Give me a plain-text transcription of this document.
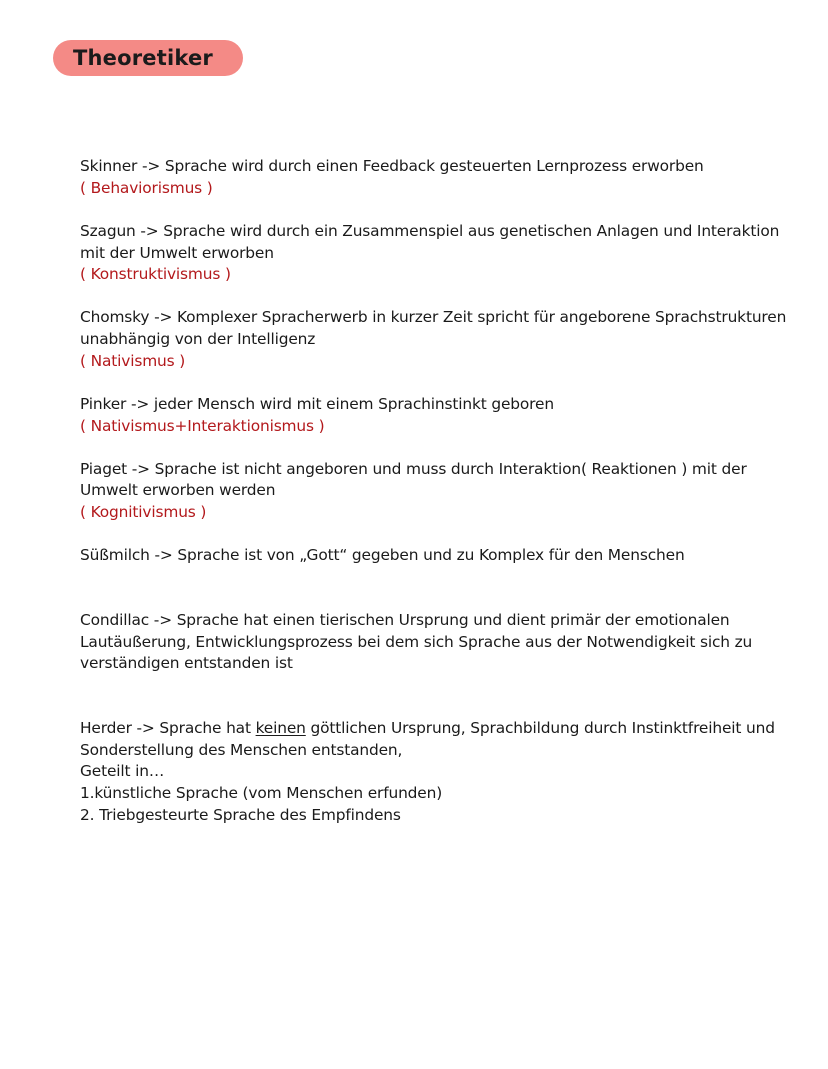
Theoretiker
Skinner -> Sprache wird durch einen Feedback gesteuerten Lernprozess erworben
( Behaviorismus )
Szagun -> Sprache wird durch ein Zusammenspiel aus genetischen Anlagen und Interaktion
mit der Umwelt erworben
( Konstruktivismus )
Chomsky -> Komplexer Spracherwerb in kurzer Zeit spricht für angeborene Sprachstrukturen
unabhängig von der Intelligenz
( Nativismus )
Pinker -> jeder Mensch wird mit einem Sprachinstinkt geboren
( Nativismus+Interaktionismus )
Piaget -> Sprache ist nicht angeboren und muss durch Interaktion( Reaktionen ) mit der
Umwelt erworben werden
( Kognitivismus )
Süßmilch -> Sprache ist von „Gott“ gegeben und zu Komplex für den Menschen
Condillac -> Sprache hat einen tierischen Ursprung und dient primär der emotionalen
Lautäußerung, Entwicklungsprozess bei dem sich Sprache aus der Notwendigkeit sich zu
verständigen entstanden ist
Herder -> Sprache hat keinen göttlichen Ursprung, Sprachbildung durch Instinktfreiheit und
Sonderstellung des Menschen entstanden,
Geteilt in…
1.künstliche Sprache (vom Menschen erfunden)
2. Triebgesteurte Sprache des Empfindens
